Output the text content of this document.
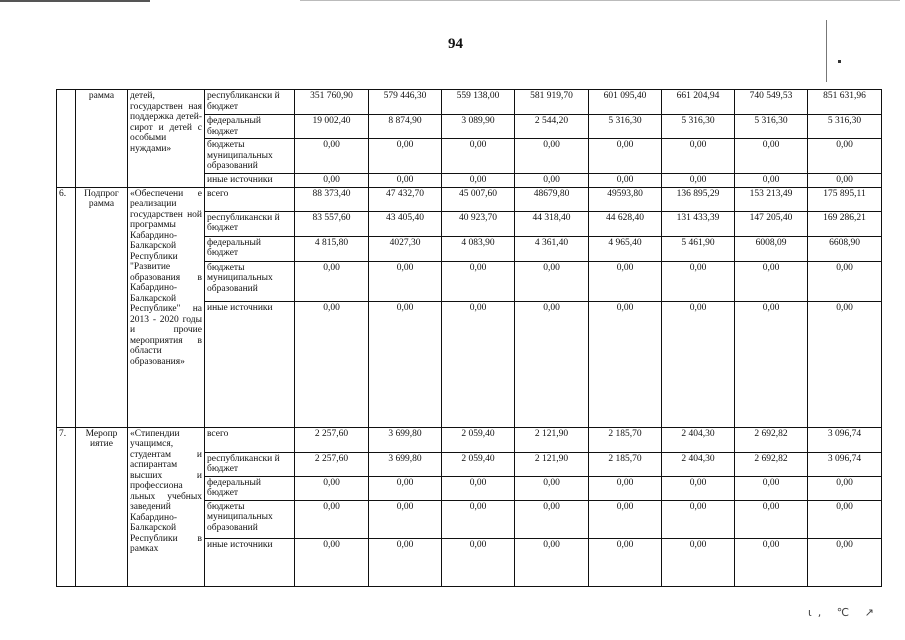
94
	рамма	детей, государствен ная поддержка детей-сирот и детей с особыми нуждами»	республикански й бюджет	351 760,90	579 446,30	559 138,00	581 919,70	601 095,40	661 204,94	740 549,53	851 631,96
			федеральный бюджет	19 002,40	8 874,90	3 089,90	2 544,20	5 316,30	5 316,30	5 316,30	5 316,30
			бюджеты муниципальных образований	0,00	0,00	0,00	0,00	0,00	0,00	0,00	0,00
			иные источники	0,00	0,00	0,00	0,00	0,00	0,00	0,00	0,00
6.	Подпрог рамма	«Обеспечени е реализации государствен ной программы Кабардино-Балкарской Республики "Развитие образования в Кабардино-Балкарской Республике" на 2013 - 2020 годы и прочие мероприятия в области образования»	всего	88 373,40	47 432,70	45 007,60	48679,80	49593,80	136 895,29	153 213,49	175 895,11
			республикански й бюджет	83 557,60	43 405,40	40 923,70	44 318,40	44 628,40	131 433,39	147 205,40	169 286,21
			федеральный бюджет	4 815,80	4027,30	4 083,90	4 361,40	4 965,40	5 461,90	6008,09	6608,90
			бюджеты муниципальных образований	0,00	0,00	0,00	0,00	0,00	0,00	0,00	0,00
			иные источники	0,00	0,00	0,00	0,00	0,00	0,00	0,00	0,00
7.	Меропр иятие	«Стипендии учащимся, студентам и аспирантам высших и профессиона льных учебных заведений Кабардино-Балкарской Республики в рамках	всего	2 257,60	3 699,80	2 059,40	2 121,90	2 185,70	2 404,30	2 692,82	3 096,74
			республикански й бюджет	2 257,60	3 699,80	2 059,40	2 121,90	2 185,70	2 404,30	2 692,82	3 096,74
			федеральный бюджет	0,00	0,00	0,00	0,00	0,00	0,00	0,00	0,00
			бюджеты муниципальных образований	0,00	0,00	0,00	0,00	0,00	0,00	0,00	0,00
			иные источники	0,00	0,00	0,00	0,00	0,00	0,00	0,00	0,00
ι, ℃ ↗
